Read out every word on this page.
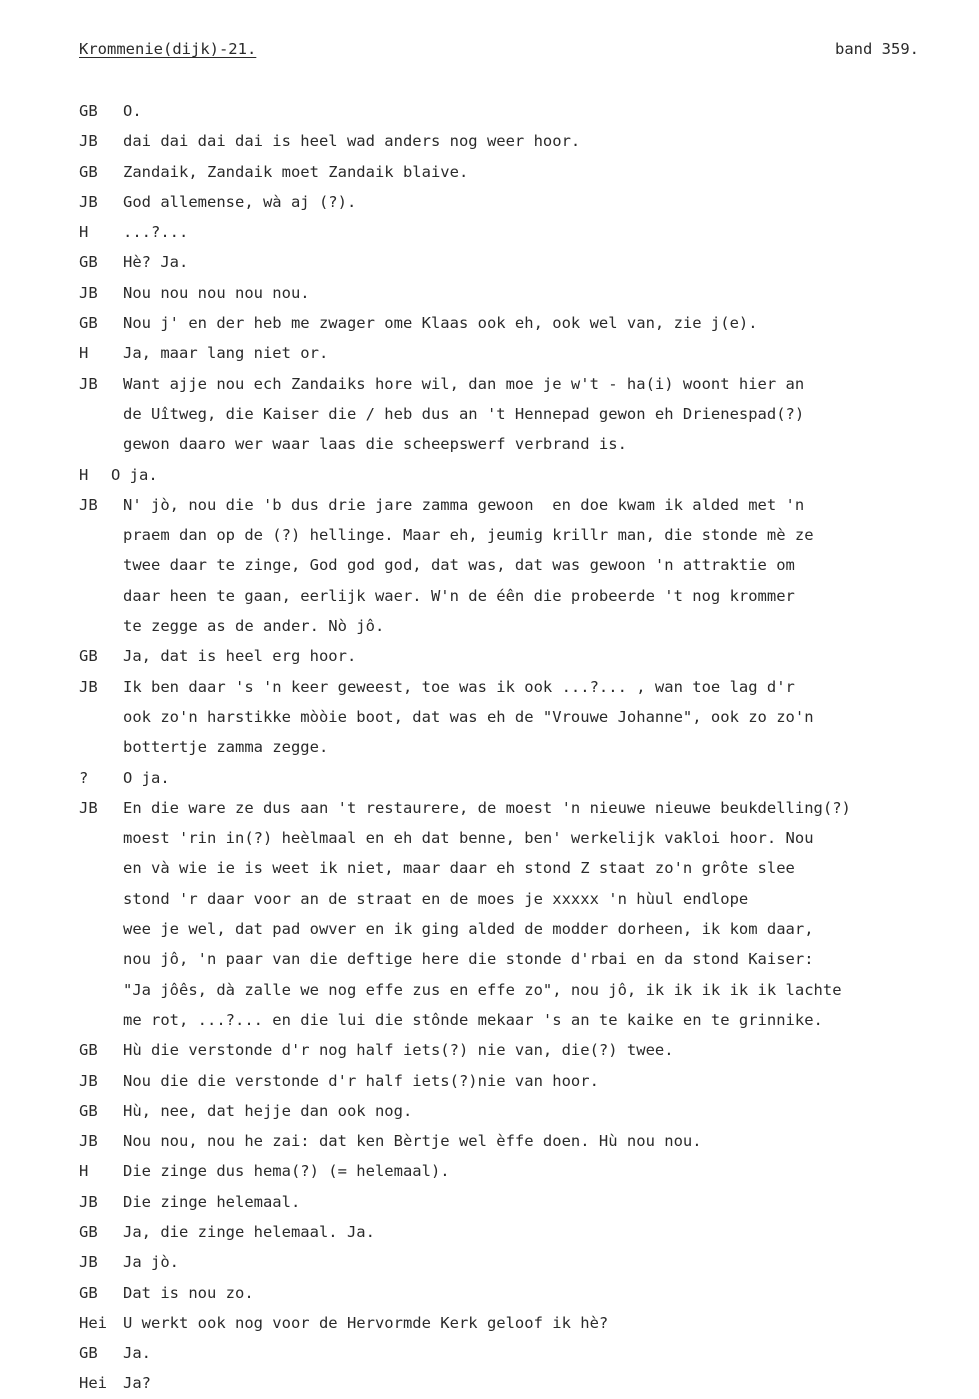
Krommenie(dijk)-21.	band 359.
GB	O.
JB	dai dai dai dai is heel wad anders nog weer hoor.
GB	Zandaik, Zandaik moet Zandaik blaive.
JB	God allemense, wà aj (?).
H	...?...
GB	Hè? Ja.
JB	Nou nou nou nou nou.
GB	Nou j' en der heb me zwager ome Klaas ook eh, ook wel van, zie j(e).
H	Ja, maar lang niet or.
JB	Want ajje nou ech Zandaiks hore wil, dan moe je w't - ha(i) woont hier an
de Uîtweg, die Kaiser die / heb dus an 't Hennepad gewon eh Drienespad(?)
gewon daaro wer waar laas die scheepswerf verbrand is.
H	O ja.
JB	N' jò, nou die 'b dus drie jare zamma gewoon  en doe kwam ik alded met 'n
praem dan op de (?) hellinge. Maar eh, jeumig krillr man, die stonde mè ze
twee daar te zinge, God god god, dat was, dat was gewoon 'n attraktie om
daar heen te gaan, eerlijk waer. W'n de éên die probeerde 't nog krommer
te zegge as de ander. Nò jô.
GB	Ja, dat is heel erg hoor.
JB	Ik ben daar 's 'n keer geweest, toe was ik ook ...?... , wan toe lag d'r
ook zo'n harstikke mòòie boot, dat was eh de "Vrouwe Johanne", ook zo zo'n
bottertje zamma zegge.
?	O ja.
JB	En die ware ze dus aan 't restaurere, de moest 'n nieuwe nieuwe beukdelling(?)
moest 'rin in(?) heèlmaal en eh dat benne, ben' werkelijk vakloi hoor. Nou
en và wie ie is weet ik niet, maar daar eh stond Z staat zo'n grôte slee
stond 'r daar voor an de straat en de moes je xxxxx 'n hùul endlope
wee je wel, dat pad owver en ik ging alded de modder dorheen, ik kom daar,
nou jô, 'n paar van die deftige here die stonde d'rbai en da stond Kaiser:
"Ja jôês, dà zalle we nog effe zus en effe zo", nou jô, ik ik ik ik ik lachte
me rot, ...?... en die lui die stônde mekaar 's an te kaike en te grinnike.
GB	Hù die verstonde d'r nog half iets(?) nie van, die(?) twee.
JB	Nou die die verstonde d'r half iets(?)nie van hoor.
GB	Hù, nee, dat hejje dan ook nog.
JB	Nou nou, nou he zai: dat ken Bèrtje wel èffe doen. Hù nou nou.
H	Die zinge dus hema(?) (= helemaal).
JB	Die zinge helemaal.
GB	Ja, die zinge helemaal. Ja.
JB	Ja jò.
GB	Dat is nou zo.
Hei	U werkt ook nog voor de Hervormde Kerk geloof ik hè?
GB	Ja.
Hei	Ja?
